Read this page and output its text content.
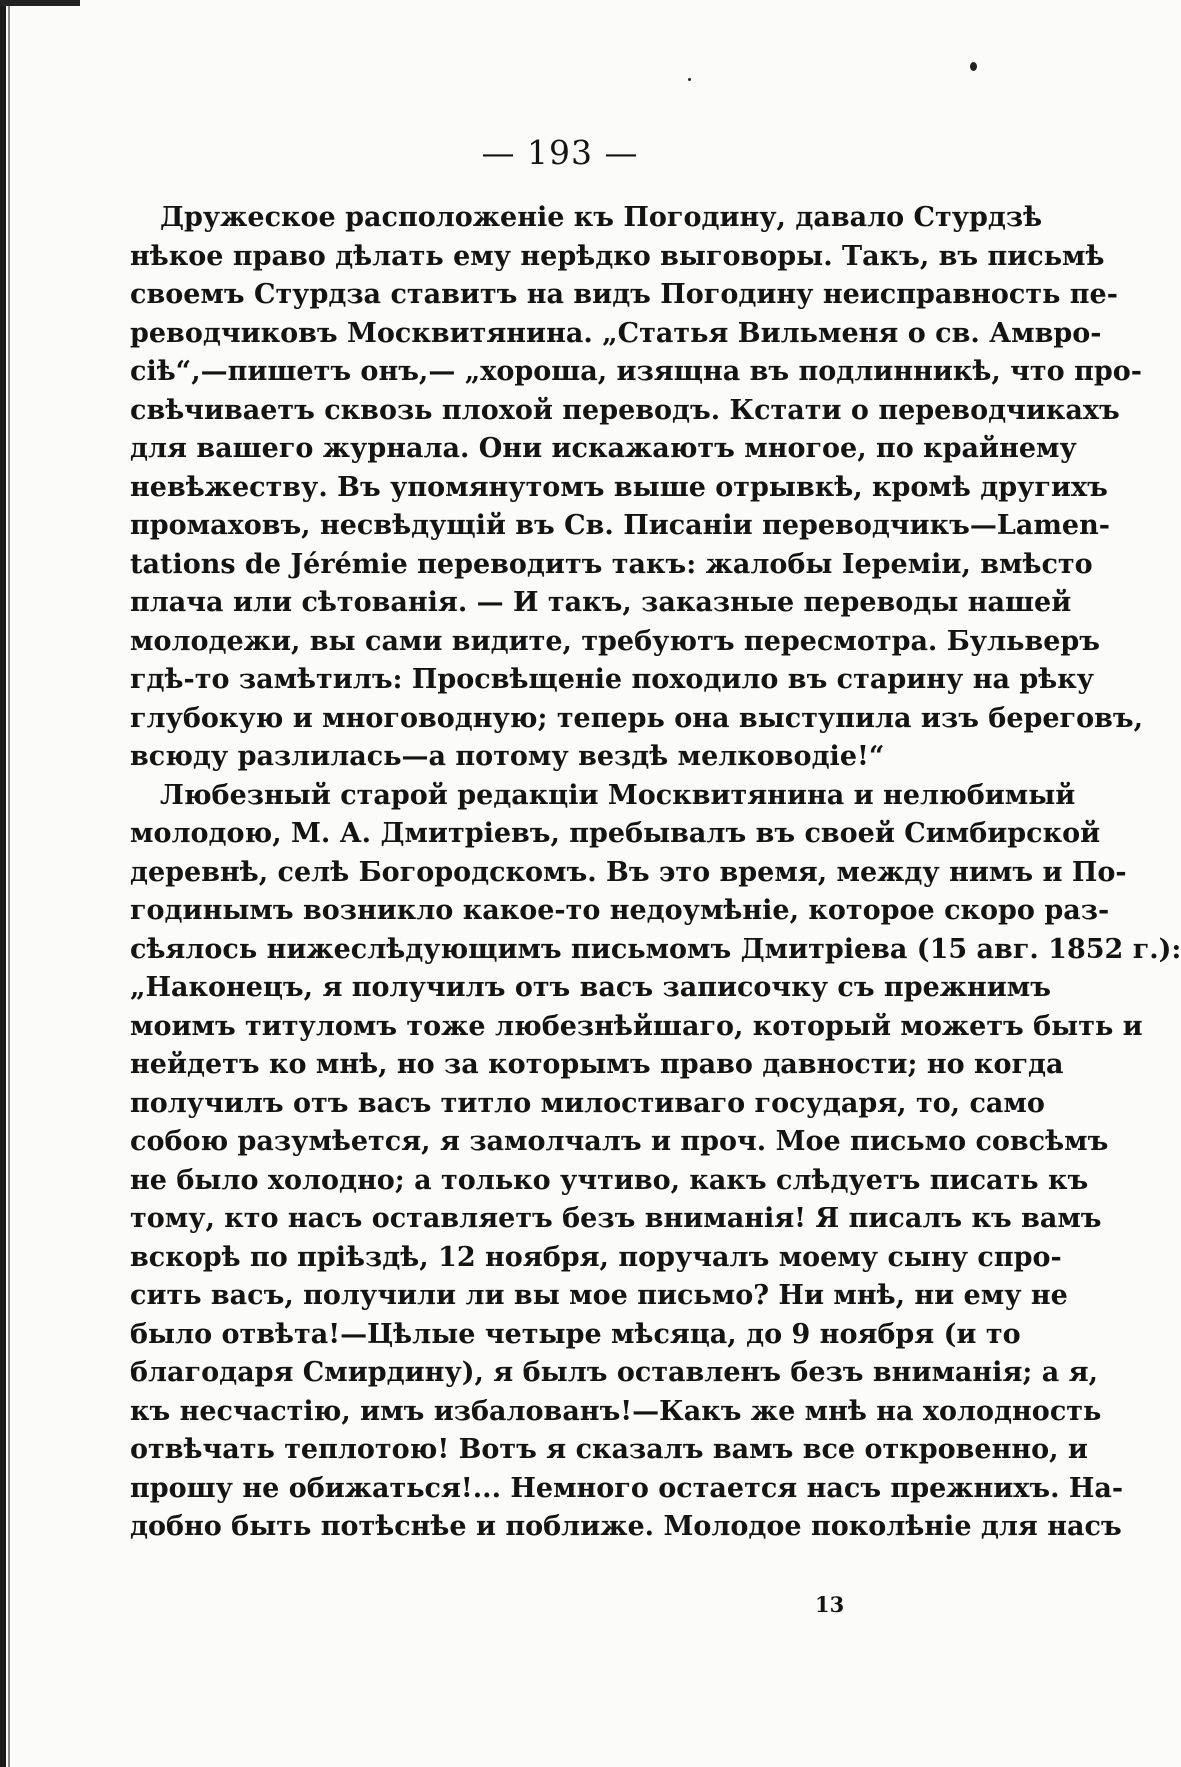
— 193 —
Дружеское расположеніе къ Погодину, давало Стурдзѣ
нѣкое право дѣлать ему нерѣдко выговоры. Такъ, въ письмѣ
своемъ Стурдза ставитъ на видъ Погодину неисправность пе-
реводчиковъ Москвитянина. „Статья Вильменя о св. Амвро-
сіѣ“,—пишетъ онъ,— „хороша, изящна въ подлинникѣ, что про-
свѣчиваетъ сквозь плохой переводъ. Кстати о переводчикахъ
для вашего журнала. Они искажаютъ многое, по крайнему
невѣжеству. Въ упомянутомъ выше отрывкѣ, кромѣ другихъ
промаховъ, несвѣдущій въ Св. Писаніи переводчикъ—Lamen-
tations de Jérémie переводитъ такъ: жалобы Іереміи, вмѣсто
плача или сѣтованія. — И такъ, заказные переводы нашей
молодежи, вы сами видите, требуютъ пересмотра. Бульверъ
гдѣ-то замѣтилъ: Просвѣщеніе походило въ старину на рѣку
глубокую и многоводную; теперь она выступила изъ береговъ,
всюду разлилась—а потому вездѣ мелководіе!“
Любезный старой редакціи Москвитянина и нелюбимый
молодою, М. А. Дмитріевъ, пребывалъ въ своей Симбирской
деревнѣ, селѣ Богородскомъ. Въ это время, между нимъ и По-
годинымъ возникло какое-то недоумѣніе, которое скоро раз-
сѣялось нижеслѣдующимъ письмомъ Дмитріева (15 авг. 1852 г.):
„Наконецъ, я получилъ отъ васъ записочку съ прежнимъ
моимъ титуломъ тоже любезнѣйшаго, который можетъ быть и
нейдетъ ко мнѣ, но за которымъ право давности; но когда
получилъ отъ васъ титло милостиваго государя, то, само
собою разумѣется, я замолчалъ и проч. Мое письмо совсѣмъ
не было холодно; а только учтиво, какъ слѣдуетъ писать къ
тому, кто насъ оставляетъ безъ вниманія! Я писалъ къ вамъ
вскорѣ по пріѣздѣ, 12 ноября, поручалъ моему сыну спро-
сить васъ, получили ли вы мое письмо? Ни мнѣ, ни ему не
было отвѣта!—Цѣлые четыре мѣсяца, до 9 ноября (и то
благодаря Смирдину), я былъ оставленъ безъ вниманія; а я,
къ несчастію, имъ избалованъ!—Какъ же мнѣ на холодность
отвѣчать теплотою! Вотъ я сказалъ вамъ все откровенно, и
прошу не обижаться!... Немного остается насъ прежнихъ. На-
добно быть потѣснѣе и поближе. Молодое поколѣніе для насъ
13
